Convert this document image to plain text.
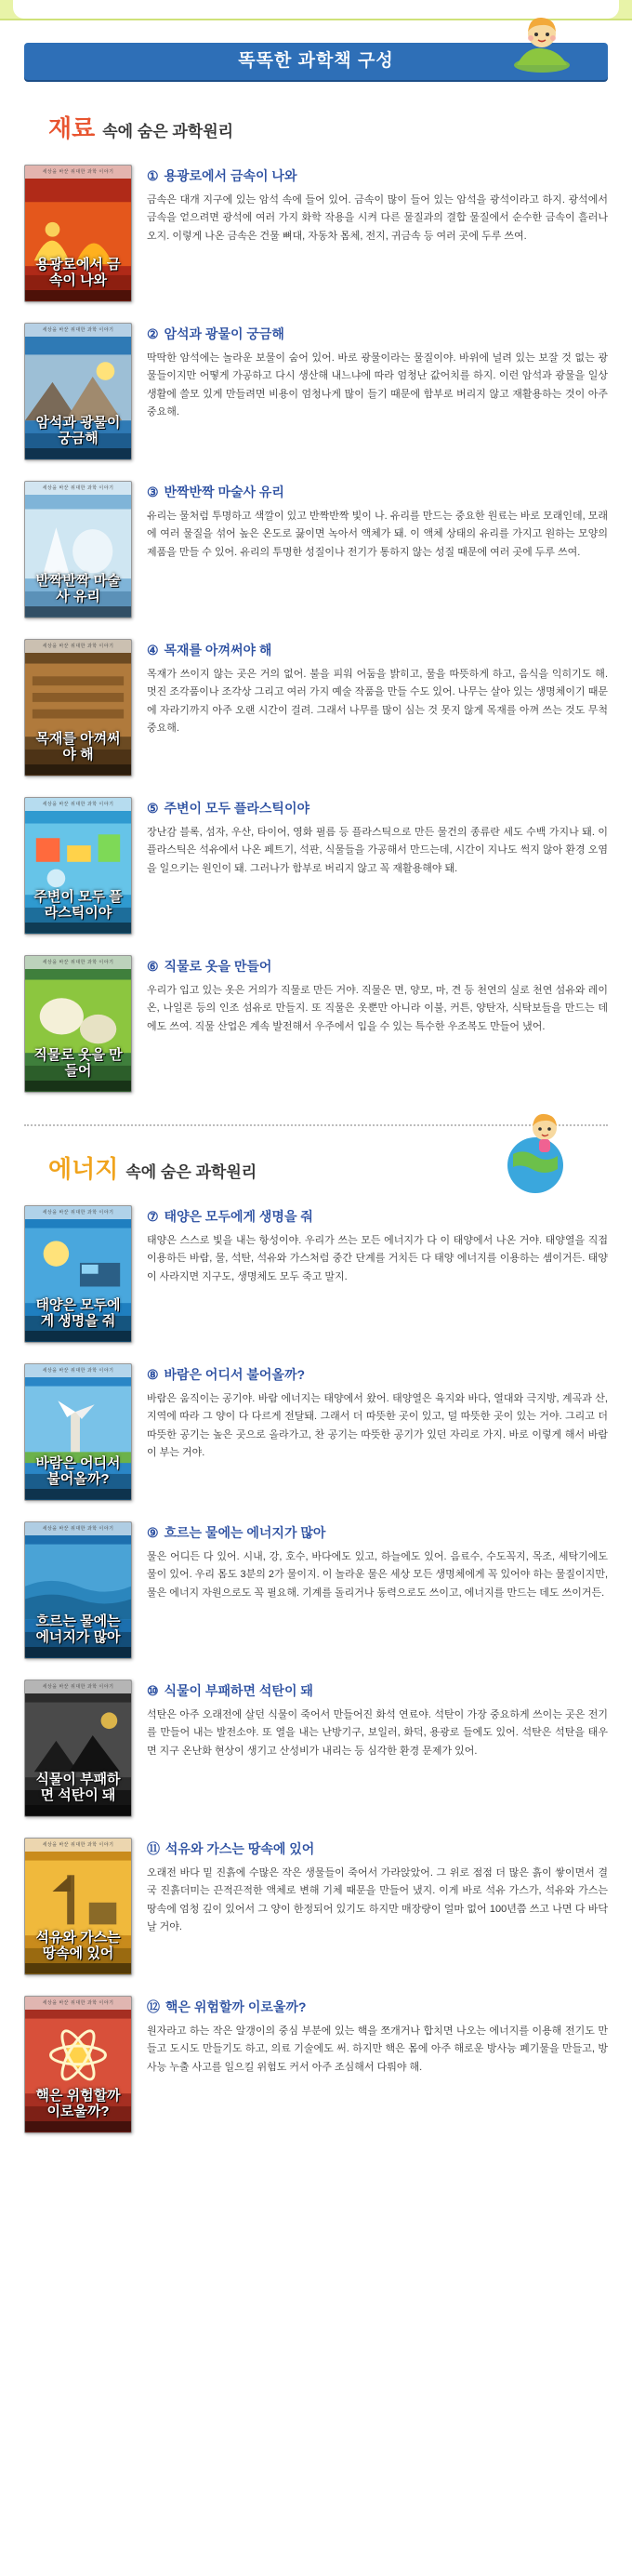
똑똑한 과학책 구성
재료 속에 숨은 과학원리
세상을 바꾼 위대한 과학 이야기
용광로에서 금속이 나와
① 용광로에서 금속이 나와
금속은 대개 지구에 있는 암석 속에 들어 있어. 금속이 많이 들어 있는 암석을 광석이라고 하지. 광석에서 금속을 얻으려면 광석에 여러 가지 화학 작용을 시켜 다른 물질과의 결합 물질에서 순수한 금속이 흘러나오지. 이렇게 나온 금속은 건물 뼈대, 자동차 몸체, 전지, 귀금속 등 여러 곳에 두루 쓰여.
세상을 바꾼 위대한 과학 이야기
암석과 광물이 궁금해
② 암석과 광물이 궁금해
딱딱한 암석에는 놀라운 보물이 숨어 있어. 바로 광물이라는 물질이야. 바위에 널려 있는 보잘 것 없는 광물들이지만 어떻게 가공하고 다시 생산해 내느냐에 따라 엄청난 값어치를 하지. 이런 암석과 광물을 일상생활에 쓸모 있게 만들려면 비용이 엄청나게 많이 들기 때문에 함부로 버리지 않고 재활용하는 것이 아주 중요해.
세상을 바꾼 위대한 과학 이야기
반짝반짝 마술사 유리
③ 반짝반짝 마술사 유리
유리는 물처럼 투명하고 색깔이 있고 반짝반짝 빛이 나. 유리를 만드는 중요한 원료는 바로 모래인데, 모래에 여러 물질을 섞어 높은 온도로 끓이면 녹아서 액체가 돼. 이 액체 상태의 유리를 가지고 원하는 모양의 제품을 만들 수 있어. 유리의 투명한 성질이나 전기가 통하지 않는 성질 때문에 여러 곳에 두루 쓰여.
세상을 바꾼 위대한 과학 이야기
목재를 아껴써야 해
④ 목재를 아껴써야 해
목재가 쓰이지 않는 곳은 거의 없어. 불을 피워 어둠을 밝히고, 물을 따뜻하게 하고, 음식을 익히기도 해. 멋진 조각품이나 조각상 그리고 여러 가지 예술 작품을 만들 수도 있어. 나무는 살아 있는 생명체이기 때문에 자라기까지 아주 오랜 시간이 걸려. 그래서 나무를 많이 심는 것 못지 않게 목재를 아껴 쓰는 것도 무척 중요해.
세상을 바꾼 위대한 과학 이야기
주변이 모두 플라스틱이야
⑤ 주변이 모두 플라스틱이야
장난감 블록, 섬자, 우산, 타이어, 영화 필름 등 플라스틱으로 만든 물건의 종류란 세도 수백 가지나 돼. 이 플라스틱은 석유에서 나온 페트기, 석판, 식물들을 가공해서 만드는데, 시간이 지나도 썩지 않아 환경 오염을 일으키는 원인이 돼. 그러나가 함부로 버리지 않고 꼭 재활용해야 돼.
세상을 바꾼 위대한 과학 이야기
직물로 옷을 만들어
⑥ 직물로 옷을 만들어
우리가 입고 있는 옷은 거의가 직물로 만든 거야. 직물은 면, 양모, 마, 견 등 천연의 실로 천연 섬유와 레이온, 나일론 등의 인조 섬유로 만들지. 또 직물은 옷뿐만 아니라 이불, 커튼, 양탄자, 식탁보들을 만드는 데에도 쓰여. 직물 산업은 계속 발전해서 우주에서 입을 수 있는 특수한 우조복도 만들어 냈어.
에너지 속에 숨은 과학원리
세상을 바꾼 위대한 과학 이야기
태양은 모두에게 생명을 줘
⑦ 태양은 모두에게 생명을 줘
태양은 스스로 빛을 내는 항성이야. 우리가 쓰는 모든 에너지가 다 이 태양에서 나온 거야. 태양열을 직접 이용하든 바람, 물, 석탄, 석유와 가스처럼 중간 단계를 거치든 다 태양 에너지를 이용하는 셈이거든. 태양이 사라지면 지구도, 생명체도 모두 죽고 말지.
세상을 바꾼 위대한 과학 이야기
바람은 어디서 불어올까?
⑧ 바람은 어디서 불어올까?
바람은 움직이는 공기야. 바람 에너지는 태양에서 왔어. 태양열은 육지와 바다, 열대와 극지방, 계곡과 산, 지역에 따라 그 양이 다 다르게 전달돼. 그래서 더 따뜻한 곳이 있고, 덜 따뜻한 곳이 있는 거야. 그리고 더 따뜻한 공기는 높은 곳으로 올라가고, 찬 공기는 따뜻한 공기가 있던 자리로 가지. 바로 이렇게 해서 바람이 부는 거야.
세상을 바꾼 위대한 과학 이야기
흐르는 물에는 에너지가 많아
⑨ 흐르는 물에는 에너지가 많아
물은 어디든 다 있어. 시내, 강, 호수, 바다에도 있고, 하늘에도 있어. 음료수, 수도꼭지, 목조, 세탁기에도 물이 있어. 우리 몸도 3분의 2가 물이지. 이 놀라운 물은 세상 모든 생명체에게 꼭 있어야 하는 물질이지만, 물은 에너지 자원으로도 꼭 필요해. 기계를 돌리거나 동력으로도 쓰이고, 에너지를 만드는 데도 쓰이거든.
세상을 바꾼 위대한 과학 이야기
식물이 부패하면 석탄이 돼
⑩ 식물이 부패하면 석탄이 돼
석탄은 아주 오래전에 살던 식물이 죽어서 만들어진 화석 연료야. 석탄이 가장 중요하게 쓰이는 곳은 전기를 만들어 내는 발전소야. 또 열을 내는 난방기구, 보일러, 화덕, 용광로 들에도 있어. 석탄은 석탄을 태우면 지구 온난화 현상이 생기고 산성비가 내리는 등 심각한 환경 문제가 있어.
세상을 바꾼 위대한 과학 이야기
석유와 가스는 땅속에 있어
⑪ 석유와 가스는 땅속에 있어
오래전 바다 밑 진흙에 수많은 작은 생물들이 죽어서 가라앉았어. 그 위로 점점 더 많은 흙이 쌓이면서 결국 진흙더미는 끈적끈적한 액체로 변해 기체 때문을 만들어 냈지. 이게 바로 석유 가스가, 석유와 가스는 땅속에 엄청 깊이 있어서 그 양이 한정되어 있기도 하지만 매장량이 얼마 없어 100년쯤 쓰고 나면 다 바닥날 거야.
세상을 바꾼 위대한 과학 이야기
핵은 위험할까 이로울까?
⑫ 핵은 위험할까 이로울까?
원자라고 하는 작은 알갱이의 중심 부분에 있는 핵을 쪼개거나 합치면 나오는 에너지를 이용해 전기도 만들고 도시도 만들기도 하고, 의료 기술에도 써. 하지만 핵은 몸에 아주 해로운 방사능 폐기물을 만들고, 방사능 누출 사고를 일으킬 위험도 커서 아주 조심해서 다뤄야 해.
